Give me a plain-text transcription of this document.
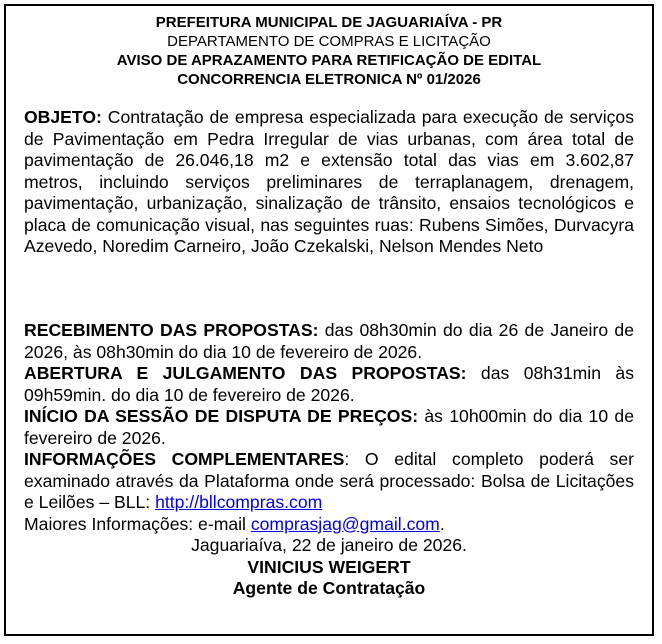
PREFEITURA MUNICIPAL DE JAGUARIAÍVA - PR
DEPARTAMENTO DE COMPRAS E LICITAÇÃO
AVISO DE APRAZAMENTO PARA RETIFICAÇÃO DE EDITAL
CONCORRENCIA ELETRONICA Nº 01/2026
OBJETO: Contratação de empresa especializada para execução de serviços de Pavimentação em Pedra Irregular de vias urbanas, com área total de pavimentação de 26.046,18 m2 e extensão total das vias em 3.602,87 metros, incluindo serviços preliminares de terraplanagem, drenagem, pavimentação, urbanização, sinalização de trânsito, ensaios tecnológicos e placa de comunicação visual, nas seguintes ruas: Rubens Simões, Durvacyra Azevedo, Noredim Carneiro, João Czekalski, Nelson Mendes Neto
RECEBIMENTO DAS PROPOSTAS: das 08h30min do dia 26 de Janeiro de 2026, às 08h30min do dia 10 de fevereiro de 2026.
ABERTURA E JULGAMENTO DAS PROPOSTAS: das 08h31min às 09h59min. do dia 10 de fevereiro de 2026.
INÍCIO DA SESSÃO DE DISPUTA DE PREÇOS: às 10h00min do dia 10 de fevereiro de 2026.
INFORMAÇÕES COMPLEMENTARES: O edital completo poderá ser examinado através da Plataforma onde será processado: Bolsa de Licitações e Leilões – BLL: http://bllcompras.com
Maiores Informações: e-mail comprasjag@gmail.com.
Jaguariaíva, 22 de janeiro de 2026.
VINICIUS WEIGERT
Agente de Contratação
